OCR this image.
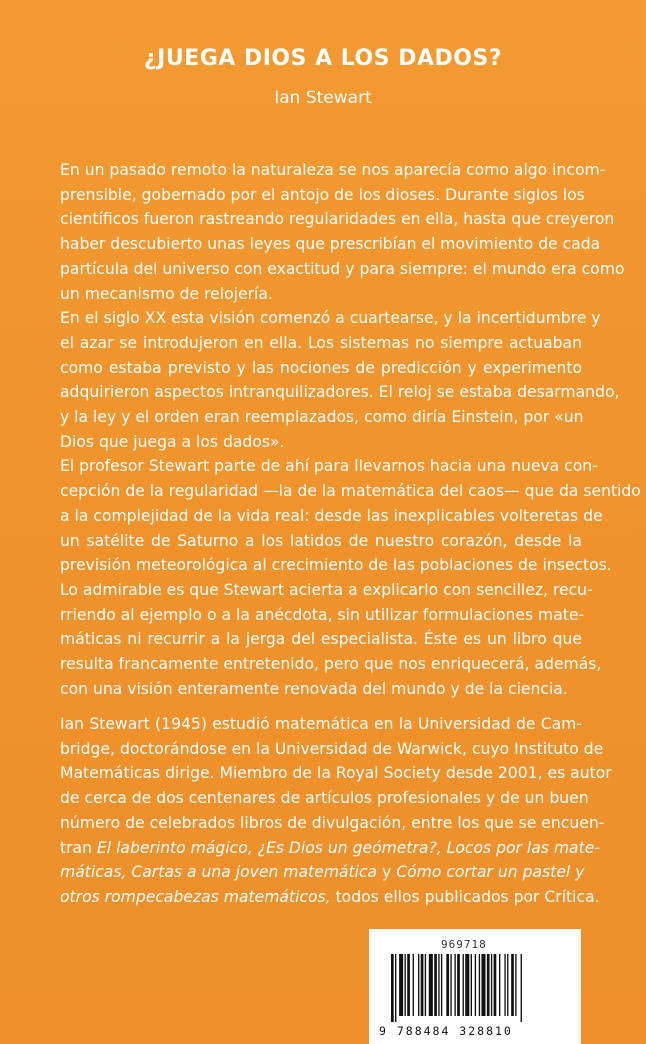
¿JUEGA DIOS A LOS DADOS?
Ian Stewart
En un pasado remoto la naturaleza se nos aparecía como algo incom-
prensible, gobernado por el antojo de los dioses. Durante siglos los
científicos fueron rastreando regularidades en ella, hasta que creyeron
haber descubierto unas leyes que prescribían el movimiento de cada
partícula del universo con exactitud y para siempre: el mundo era como
un mecanismo de relojería.
En el siglo XX esta visión comenzó a cuartearse, y la incertidumbre y
el azar se introdujeron en ella. Los sistemas no siempre actuaban
como estaba previsto y las nociones de predicción y experimento
adquirieron aspectos intranquilizadores. El reloj se estaba desarmando,
y la ley y el orden eran reemplazados, como diría Einstein, por «un
Dios que juega a los dados».
El profesor Stewart parte de ahí para llevarnos hacia una nueva con-
cepción de la regularidad —la de la matemática del caos— que da sentido
a la complejidad de la vida real: desde las inexplicables volteretas de
un satélite de Saturno a los latidos de nuestro corazón, desde la
previsión meteorológica al crecimiento de las poblaciones de insectos.
Lo admirable es que Stewart acierta a explicarlo con sencillez, recu-
rriendo al ejemplo o a la anécdota, sin utilizar formulaciones mate-
máticas ni recurrir a la jerga del especialista. Éste es un libro que
resulta francamente entretenido, pero que nos enriquecerá, además,
con una visión enteramente renovada del mundo y de la ciencia.
Ian Stewart (1945) estudió matemática en la Universidad de Cam-
bridge, doctorándose en la Universidad de Warwick, cuyo Instituto de
Matemáticas dirige. Miembro de la Royal Society desde 2001, es autor
de cerca de dos centenares de artículos profesionales y de un buen
número de celebrados libros de divulgación, entre los que se encuen-
tran El laberinto mágico, ¿Es Dios un geómetra?, Locos por las mate-
máticas, Cartas a una joven matemática y Cómo cortar un pastel y
otros rompecabezas matemáticos, todos ellos publicados por Crítica.
969718
9 788484 328810
